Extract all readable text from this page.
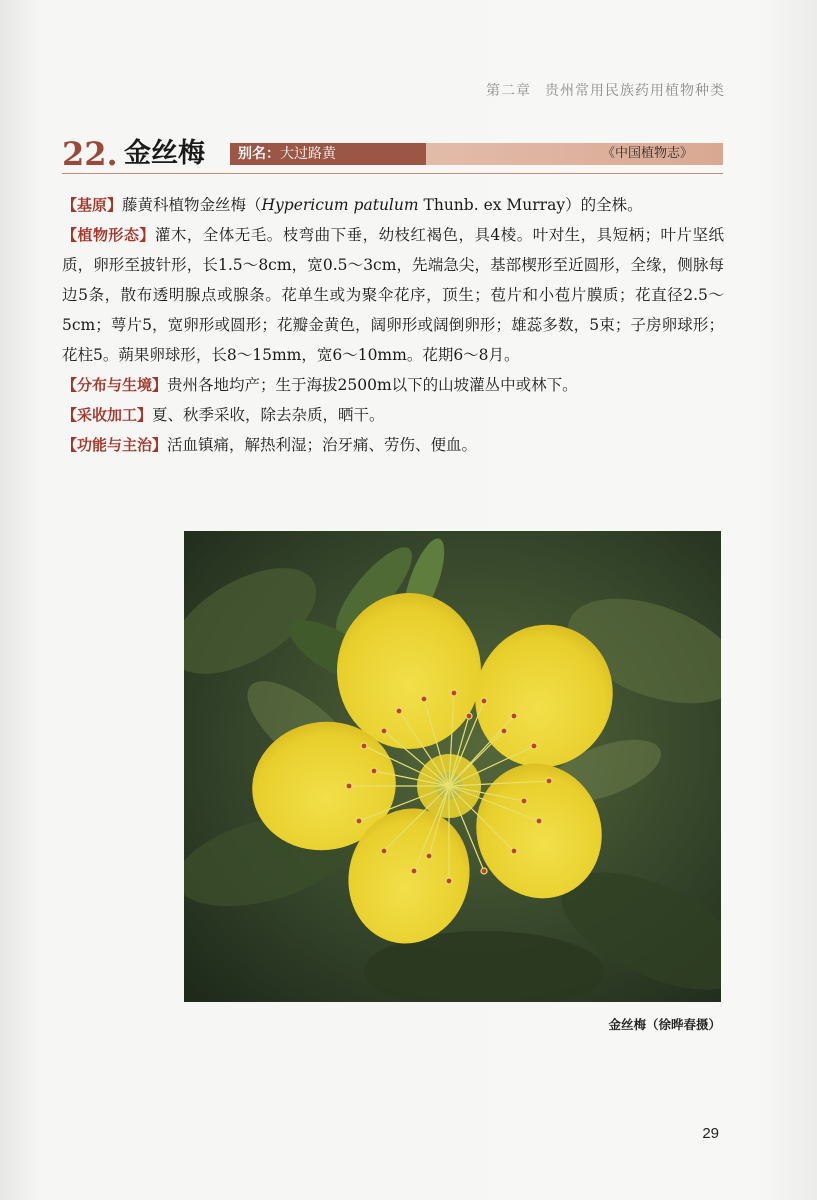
第二章 贵州常用民族药用植物种类
22. 金丝梅	别名：大过路黄	《中国植物志》

【基原】藤黄科植物金丝梅（Hypericum patulum Thunb. ex Murray）的全株。

【植物形态】灌木，全体无毛。枝弯曲下垂，幼枝红褐色，具4棱。叶对生，具短柄；叶片坚纸质，卵形至披针形，长1.5～8cm，宽0.5～3cm，先端急尖，基部楔形至近圆形，全缘，侧脉每边5条，散布透明腺点或腺条。花单生或为聚伞花序，顶生；苞片和小苞片膜质；花直径2.5～5cm；萼片5，宽卵形或圆形；花瓣金黄色，阔卵形或阔倒卵形；雄蕊多数，5束；子房卵球形；花柱5。蒴果卵球形，长8～15mm，宽6～10mm。花期6～8月。

【分布与生境】贵州各地均产；生于海拔2500m以下的山坡灌丛中或林下。

【采收加工】夏、秋季采收，除去杂质，晒干。

【功能与主治】活血镇痛，解热利湿；治牙痛、劳伤、便血。

金丝梅（徐晔春摄）
29
